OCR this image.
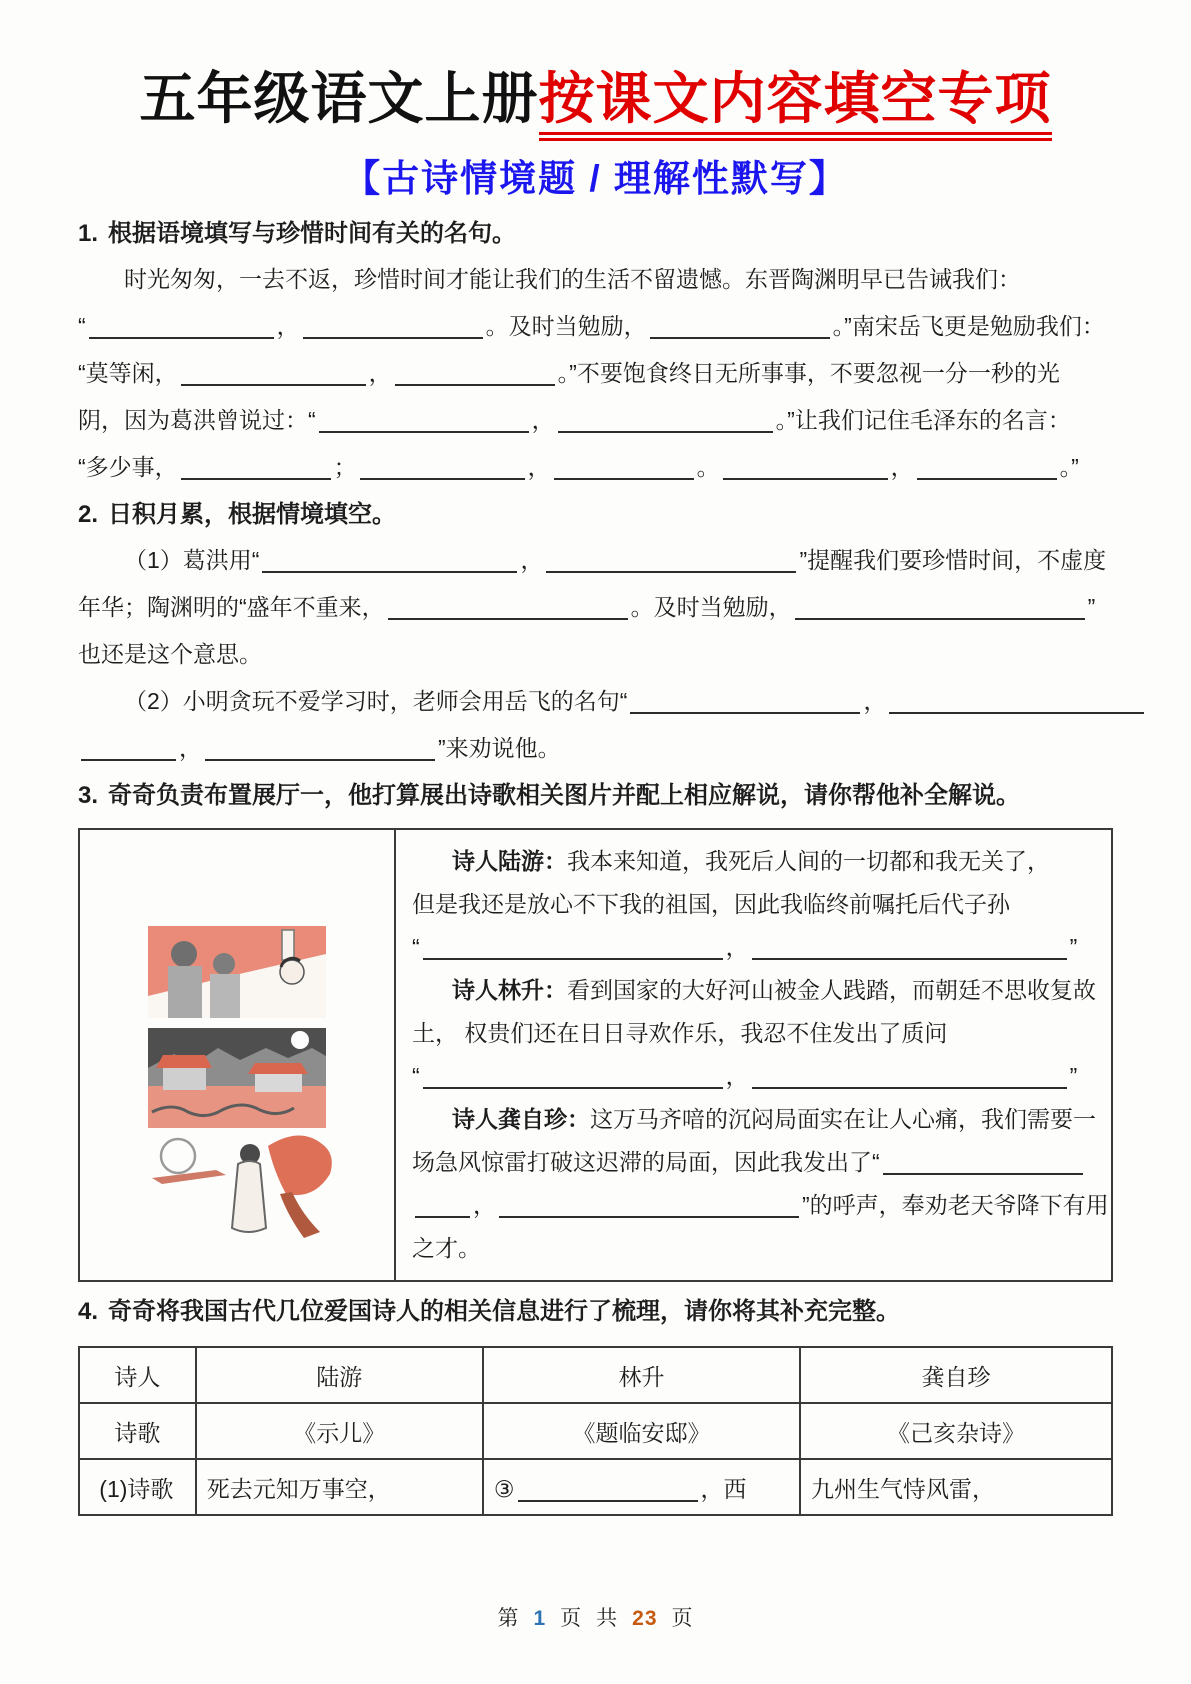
五年级语文上册按课文内容填空专项
【古诗情境题 / 理解性默写】
1. 根据语境填写与珍惜时间有关的名句。
时光匆匆，一去不返，珍惜时间才能让我们的生活不留遗憾。东晋陶渊明早已告诫我们：
“	，	。及时当勉励，	。”南宋岳飞更是勉励我们：
“莫等闲，	，	。”不要饱食终日无所事事，不要忽视一分一秒的光
阴，因为葛洪曾说过：“	，	。”让我们记住毛泽东的名言：
“多少事，	；	，	。	，	。”
2. 日积月累，根据情境填空。
（1）葛洪用“	，	”提醒我们要珍惜时间，不虚度
年华；陶渊明的“盛年不重来，	。及时当勉励，	”
也还是这个意思。
（2）小明贪玩不爱学习时，老师会用岳飞的名句“	，
，	”来劝说他。
3. 奇奇负责布置展厅一，他打算展出诗歌相关图片并配上相应解说，请你帮他补全解说。
诗人陆游：我本来知道，我死后人间的一切都和我无关了，
但是我还是放心不下我的祖国，因此我临终前嘱托后代子孙
“	，	”
诗人林升：看到国家的大好河山被金人践踏，而朝廷不思收复故
土， 权贵们还在日日寻欢作乐，我忍不住发出了质问
“	，	”
诗人龚自珍：这万马齐喑的沉闷局面实在让人心痛，我们需要一
场急风惊雷打破这迟滞的局面，因此我发出了“
，	”的呼声，奉劝老天爷降下有用
之才。
4. 奇奇将我国古代几位爱国诗人的相关信息进行了梳理，请你将其补充完整。
诗人	陆游	林升	龚自珍
诗歌	《示儿》	《题临安邸》	《己亥杂诗》
(1)诗歌	死去元知万事空，	③ ，西	九州生气恃风雷，
第 1 页 共 23 页
